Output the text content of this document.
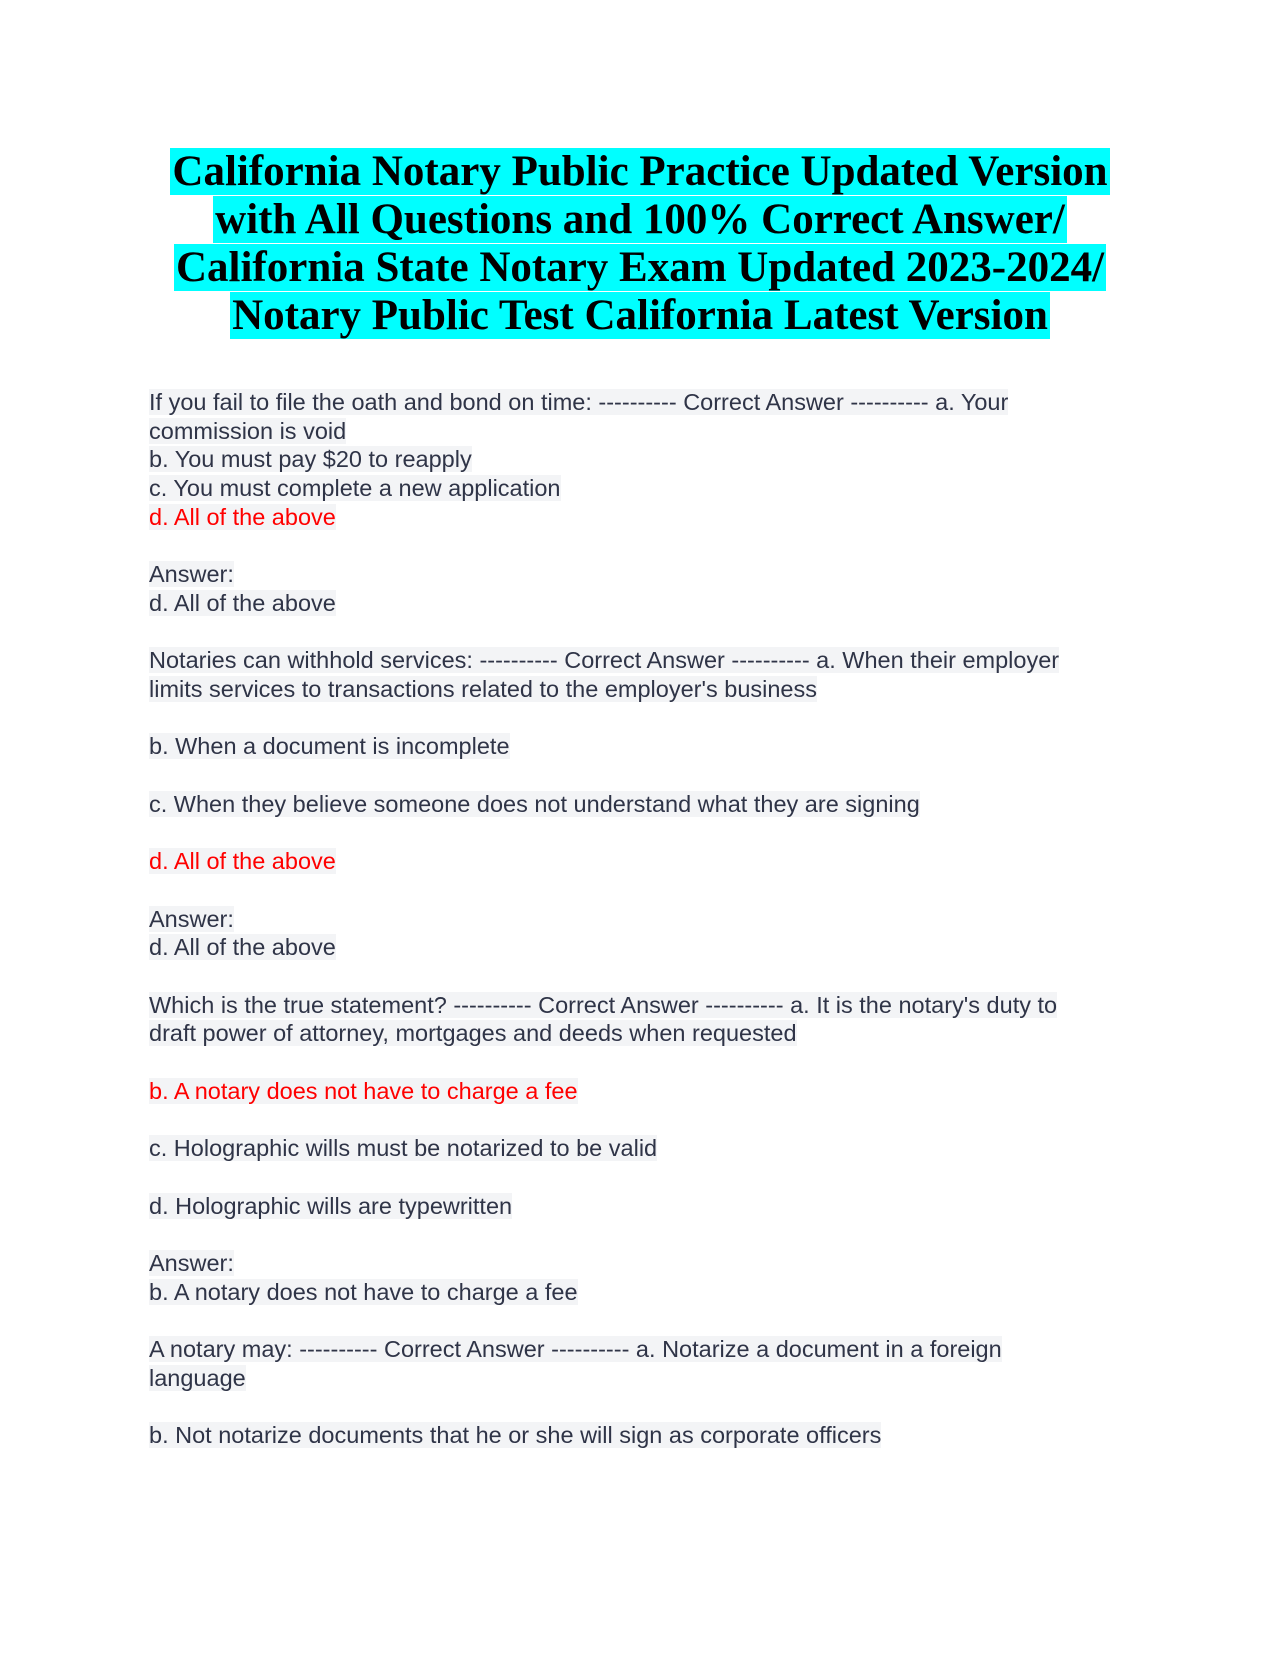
California Notary Public Practice Updated Version
with All Questions and 100% Correct Answer/
California State Notary Exam Updated 2023-2024/
Notary Public Test California Latest Version
If you fail to file the oath and bond on time: ---------- Correct Answer ---------- a. Your
commission is void
b. You must pay $20 to reapply
c. You must complete a new application
d. All of the above
Answer:
d. All of the above
Notaries can withhold services: ---------- Correct Answer ---------- a. When their employer
limits services to transactions related to the employer's business
b. When a document is incomplete
c. When they believe someone does not understand what they are signing
d. All of the above
Answer:
d. All of the above
Which is the true statement? ---------- Correct Answer ---------- a. It is the notary's duty to
draft power of attorney, mortgages and deeds when requested
b. A notary does not have to charge a fee
c. Holographic wills must be notarized to be valid
d. Holographic wills are typewritten
Answer:
b. A notary does not have to charge a fee
A notary may: ---------- Correct Answer ---------- a. Notarize a document in a foreign
language
b. Not notarize documents that he or she will sign as corporate officers
